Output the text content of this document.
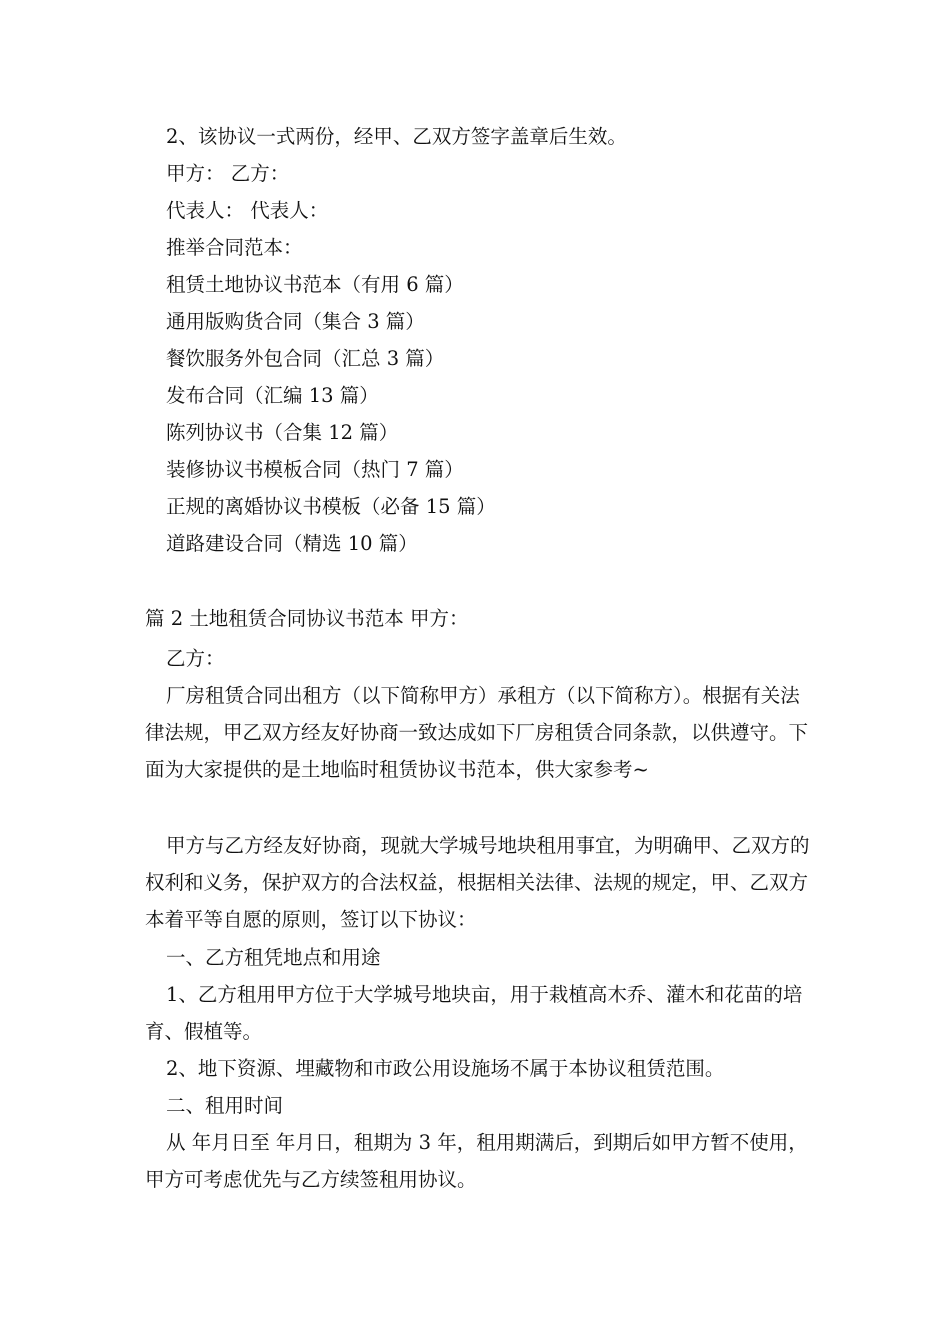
2、该协议一式两份，经甲、乙双方签字盖章后生效。

甲方： 乙方：

代表人： 代表人：

推举合同范本：

租赁土地协议书范本（有用 6 篇）

通用版购货合同（集合 3 篇）

餐饮服务外包合同（汇总 3 篇）

发布合同（汇编 13 篇）

陈列协议书（合集 12 篇）

装修协议书模板合同（热门 7 篇）

正规的离婚协议书模板（必备 15 篇）

道路建设合同（精选 10 篇）

篇 2 土地租赁合同协议书范本 甲方：

乙方：

厂房租赁合同出租方（以下简称甲方）承租方（以下简称方）。根据有关法律法规，甲乙双方经友好协商一致达成如下厂房租赁合同条款，以供遵守。下面为大家提供的是土地临时租赁协议书范本，供大家参考~

甲方与乙方经友好协商，现就大学城号地块租用事宜，为明确甲、乙双方的权利和义务，保护双方的合法权益，根据相关法律、法规的规定，甲、乙双方本着平等自愿的原则，签订以下协议：

一、乙方租凭地点和用途

1、乙方租用甲方位于大学城号地块亩，用于栽植高木乔、灌木和花苗的培育、假植等。

2、地下资源、埋藏物和市政公用设施场不属于本协议租赁范围。

二、租用时间

从 年月日至 年月日，租期为 3 年，租用期满后，到期后如甲方暂不使用，甲方可考虑优先与乙方续签租用协议。
